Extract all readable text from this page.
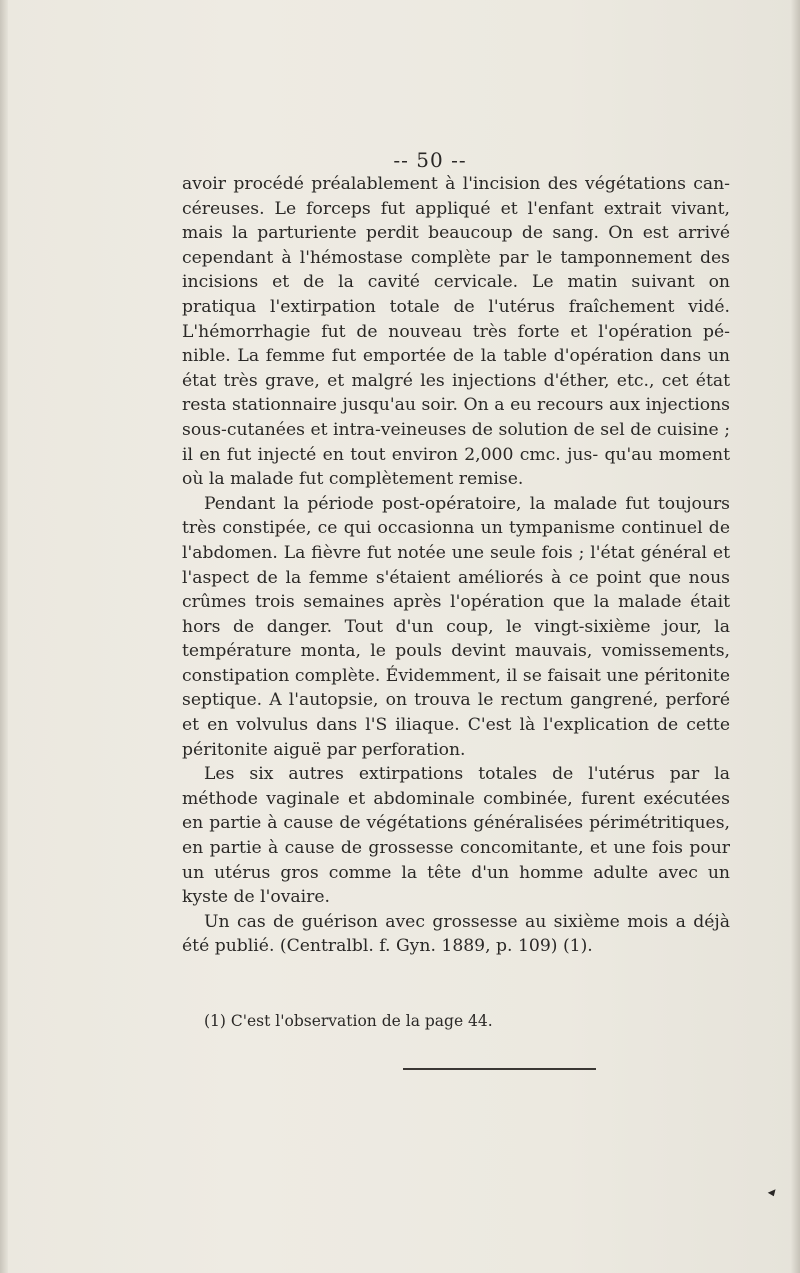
-- 50 --

avoir procédé préalablement à l'incision des végétations can- céreuses. Le forceps fut appliqué et l'enfant extrait vivant, mais la parturiente perdit beaucoup de sang. On est arrivé cependant à l'hémostase complète par le tamponnement des incisions et de la cavité cervicale. Le matin suivant on pratiqua l'extirpation totale de l'utérus fraîchement vidé. L'hémorrhagie fut de nouveau très forte et l'opération pé- nible. La femme fut emportée de la table d'opération dans un état très grave, et malgré les injections d'éther, etc., cet état resta stationnaire jusqu'au soir. On a eu recours aux injections sous-cutanées et intra-veineuses de solution de sel de cuisine ; il en fut injecté en tout environ 2,000 cmc. jus- qu'au moment où la malade fut complètement remise.

Pendant la période post-opératoire, la malade fut toujours très constipée, ce qui occasionna un tympanisme continuel de l'abdomen. La fièvre fut notée une seule fois ; l'état général et l'aspect de la femme s'étaient améliorés à ce point que nous crûmes trois semaines après l'opération que la malade était hors de danger. Tout d'un coup, le vingt-sixième jour, la température monta, le pouls devint mauvais, vomissements, constipation complète. Évidemment, il se faisait une péritonite septique. A l'autopsie, on trouva le rectum gangrené, perforé et en volvulus dans l'S iliaque. C'est là l'explication de cette péritonite aiguë par perforation.

Les six autres extirpations totales de l'utérus par la méthode vaginale et abdominale combinée, furent exécutées en partie à cause de végétations généralisées périmétritiques, en partie à cause de grossesse concomitante, et une fois pour un utérus gros comme la tête d'un homme adulte avec un kyste de l'ovaire.

Un cas de guérison avec grossesse au sixième mois a déjà été publié. (Centralbl. f. Gyn. 1889, p. 109) (1).

(1) C'est l'observation de la page 44.
